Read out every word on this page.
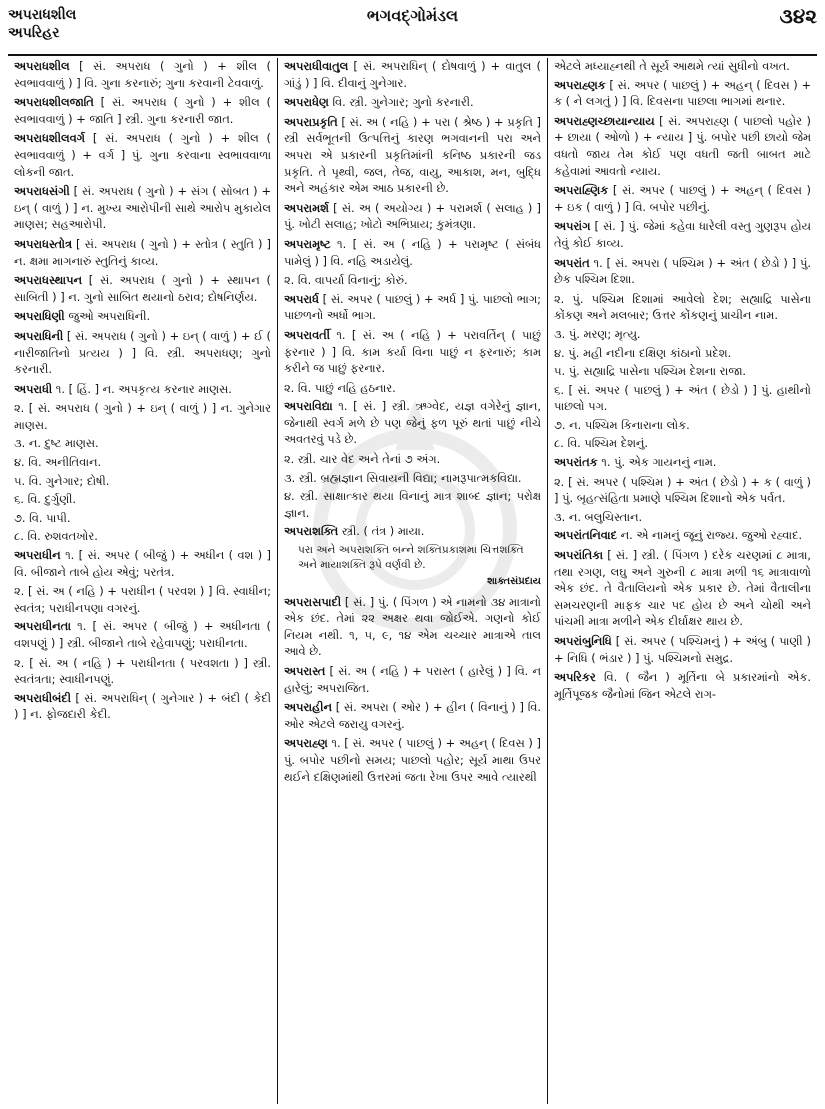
અપરાધશીલ
અપરિહર
ભગવદ્ગોમંડલ	૩૪૨
અપરાધશીલ [ સં. અપરાધ ( ગુનો ) + શીલ ( સ્વભાવવાળું ) ] વિ. ગુના કરનારું; ગુના કરવાની ટેવવાળું.
અપરાધશીલજાતિ [ સં. અપરાધ ( ગુનો ) + શીલ ( સ્વભાવવાળું ) + જાતિ ] સ્ત્રી. ગુના કરનારી જાત.
અપરાધશીલવર્ગ [ સં. અપરાધ ( ગુનો ) + શીલ ( સ્વભાવવાળું ) + વર્ગ ] પું. ગુના કરવાના સ્વભાવવાળા લોકની જાત.
અપરાધસંગી [ સં. અપરાધ ( ગુનો ) + સંગ ( સોબત ) + ઇન્ ( વાળું ) ] ન. મુખ્ય આરોપીની સાથે આરોપ મુકાયેલ માણસ; સહઆરોપી.
અપરાધસ્તોત્ર [ સં. અપરાધ ( ગુનો ) + સ્તોત્ર ( સ્તુતિ ) ] ન. ક્ષમા માગનારું સ્તુતિનું કાવ્ય.
અપરાધસ્થાપન [ સં. અપરાધ ( ગુનો ) + સ્થાપન ( સાબિતી ) ] ન. ગુનો સાબિત થયાનો ઠરાવ; દોષનિર્ણય.
અપરાધિણી જુઓ અપરાધિની.
અપરાધિની [ સં. અપરાધ ( ગુનો ) + ઇન્ ( વાળું ) + ઈ ( નારીજાતિનો પ્રત્યય ) ] વિ. સ્ત્રી. અપરાધણ; ગુનો કરનારી.
અપરાધી ૧. [ હિં. ] ન. અપકૃત્ય કરનાર માણસ.
૨. [ સં. અપરાધ ( ગુનો ) + ઇન્ ( વાળું ) ] ન. ગુનેગાર માણસ.
૩. ન. દુષ્ટ માણસ.
૪. વિ. અનીતિવાન.
૫. વિ. ગુનેગાર; દોષી.
૬. વિ. દુર્ગુણી.
૭. વિ. પાપી.
૮. વિ. રુશવતખોર.
અપરાધીન ૧. [ સં. અપર ( બીજું ) + અધીન ( વશ ) ] વિ. બીજાને તાબે હોય એવું; પરતંત્ર.
૨. [ સં. અ ( નહિ ) + પરાધીન ( પરવશ ) ] વિ. સ્વાધીન; સ્વતંત્ર; પરાધીનપણા વગરનું.
અપરાધીનતા ૧. [ સં. અપર ( બીજું ) + અધીનતા ( વશપણું ) ] સ્ત્રી. બીજાને તાબે રહેવાપણું; પરાધીનતા.
૨. [ સં. અ ( નહિ ) + પરાધીનતા ( પરવશતા ) ] સ્ત્રી. સ્વતંત્રતા; સ્વાધીનપણું.
અપરાધીબંદી [ સં. અપરાધિન્ ( ગુનેગાર ) + બંદી ( કેદી ) ] ન. ફોજદારી કેદી.
અપરાધીવાતુલ [ સં. અપરાધિન્ ( દોષવાળું ) + વાતુલ ( ગાંડું ) ] વિ. દીવાનું ગુનેગાર.
અપરાધેણ વિ. સ્ત્રી. ગુનેગાર; ગુનો કરનારી.
અપરાપ્રકૃતિ [ સં. અ ( નહિ ) + પરા ( શ્રેષ્ઠ ) + પ્રકૃતિ ] સ્ત્રી સર્વભૂતની ઉત્પત્તિનું કારણ ભગવાનની પરા અને અપરા એ પ્રકારની પ્રકૃતિમાંની કનિષ્ઠ પ્રકારની જડ પ્રકૃતિ. તે પૃથ્વી, જલ, તેજ, વાયુ, આકાશ, મન, બુદ્ધિ અને અહંકાર એમ આઠ પ્રકારની છે.
અપરામર્શ [ સં. અ ( અયોગ્ય ) + પરામર્શ ( સલાહ ) ] પું. ખોટી સલાહ; ખોટો અભિપ્રાય; કુમંત્રણા.
અપરામૃષ્ટ ૧. [ સં. અ ( નહિ ) + પરામૃષ્ટ ( સંબંધ પામેલું ) ] વિ. નહિ અડાયેલું.
૨. વિ. વાપર્યા વિનાનું; કોરું.
અપરાર્ધ [ સં. અપર ( પાછલું ) + અર્ધ ] પું. પાછલો ભાગ; પાછળનો અર્ધો ભાગ.
અપરાવર્તી ૧. [ સં. અ ( નહિ ) + પરાવર્તિન્ ( પાછું ફરનાર ) ] વિ. કામ કર્યા વિના પાછું ન ફરનારું; કામ કરીને જ પાછું ફરનાર.
૨. વિ. પાછું નહિ હઠનાર.
અપરાવિદ્યા ૧. [ સં. ] સ્ત્રી. ઋગ્વેદ, યજ્ઞ વગેરેનું જ્ઞાન, જેનાથી સ્વર્ગ મળે છે પણ જેનું ફળ પૂરું થતાં પાછું નીચે અવતરવું પડે છે.
૨. સ્ત્રી. ચાર વેદ અને તેનાં ૭ અંગ.
૩. સ્ત્રી. બ્રહ્મજ્ઞાન સિવાયની વિદ્યા; નામરૂપાત્મકવિદ્યા.
૪. સ્ત્રી. સાક્ષાત્કાર થયા વિનાનું માત્ર શાબ્દ જ્ઞાન; પરોક્ષ જ્ઞાન.
અપરાશક્તિ સ્ત્રી. ( તંત્ર ) માયા.
પરા અને અપરાશક્તિ બન્ને શક્તિપ્રકાશમાં ચિત્તશક્તિ અને માયાશક્તિ રૂપે વર્ણવી છે.
શાક્તસંપ્રદાય
અપરાસપાદી [ સં. ] પું. ( પિંગળ ) એ નામનો ૩૪ માત્રાનો એક છંદ. તેમાં ૨૨ અક્ષર થવા જોઈએ. ગણનો કોઈ નિયમ નથી. ૧, ૫, ૯, ૧૪ એમ ચચ્ચાર માત્રાએ તાલ આવે છે.
અપરાસ્ત [ સં. અ ( નહિ ) + પરાસ્ત ( હારેલું ) ] વિ. ન હારેલું; અપરાજિત.
અપરાહીન [ સં. અપરા ( ઓર ) + હીન ( વિનાનું ) ] વિ. ઓર એટલે જરાયુ વગરનું.
અપરાહ્ણ ૧. [ સં. અપર ( પાછલું ) + અહન્ ( દિવસ ) ] પું. બપોર પછીનો સમય; પાછલો પહોર; સૂર્ય માથા ઉપર થઈને દક્ષિણમાંથી ઉત્તરમાં જતા રેખા ઉપર આવે ત્યારથી
એટલે મધ્યાહ્નથી તે સૂર્ય આથમે ત્યાં સુધીનો વખત.
અપરાહ્ણક [ સં. અપર ( પાછલું ) + અહન્ ( દિવસ ) + ક ( ને લગતું ) ] વિ. દિવસના પાછલા ભાગમાં થનાર.
અપરાહ્ણચ્છાયાન્યાય [ સં. અપરાહ્ણ ( પાછલો પહોર ) + છાયા ( ઓળો ) + ન્યાય ] પું. બપોર પછી છાયો જેમ વધતો જાય તેમ કોઈ પણ વધતી જતી બાબત માટે કહેવામાં આવતો ન્યાય.
અપરાહ્ણિક [ સં. અપર ( પાછલું ) + અહન્ ( દિવસ ) + ઇક ( વાળું ) ] વિ. બપોર પછીનું.
અપરાંગ [ સં. ] પું. જેમાં કહેવા ધારેલી વસ્તુ ગુણરૂપ હોય તેવું કોઈ કાવ્ય.
અપરાંત ૧. [ સં. અપરા ( પશ્ચિમ ) + અંત ( છેડો ) ] પું. છેક પશ્ચિમ દિશા.
૨. પું. પશ્ચિમ દિશામાં આવેલો દેશ; સહ્યાદ્રિ પાસેના કોંકણ અને મલબાર; ઉત્તર કોંકણનું પ્રાચીન નામ.
૩. પું. મરણ; મૃત્યુ.
૪. પું. મહી નદીના દક્ષિણ કાંઠાનો પ્રદેશ.
૫. પું. સહ્યાદ્રિ પાસેના પશ્ચિમ દેશના રાજા.
૬. [ સં. અપર ( પાછલું ) + અંત ( છેડો ) ] પું. હાથીનો પાછલો પગ.
૭. ન. પશ્ચિમ કિનારાના લોક.
૮. વિ. પશ્ચિમ દેશનું.
અપરાંતક ૧. પું. એક ગાયનનું નામ.
૨. [ સં. અપર ( પશ્ચિમ ) + અંત ( છેડો ) + ક ( વાળું ) ] પું. બૃહત્સંહિતા પ્રમાણે પશ્ચિમ દિશાનો એક પર્વત.
૩. ન. બલુચિસ્તાન.
અપરાંતનિવાદ ન. એ નામનું જૂનું રાજ્ય. જુઓ રહ્વાદ.
અપરાંતિકા [ સં. ] સ્ત્રી. ( પિંગળ ) દરેક ચરણમાં ૮ માત્રા, તથા રગણ, લઘુ અને ગુરુની ૮ માત્રા મળી ૧૬ માત્રાવાળો એક છંદ. તે વૈતાલિયનો એક પ્રકાર છે. તેમાં વૈતાલીના સમચરણની માફક ચાર પદ હોય છે અને ચોથી અને પાંચમી માત્રા મળીને એક દીર્ઘાક્ષર થાય છે.
અપરાંબુનિધિ [ સં. અપર ( પશ્ચિમનું ) + અંબુ ( પાણી ) + નિધિ ( ભંડાર ) ] પું. પશ્ચિમનો સમુદ્ર.
અપરિકર વિ. ( જૈન ) મૂર્તિના બે પ્રકારમાંનો એક. મૂર્તિપૂજક જૈનોમાં જિન એટલે રાગ-
